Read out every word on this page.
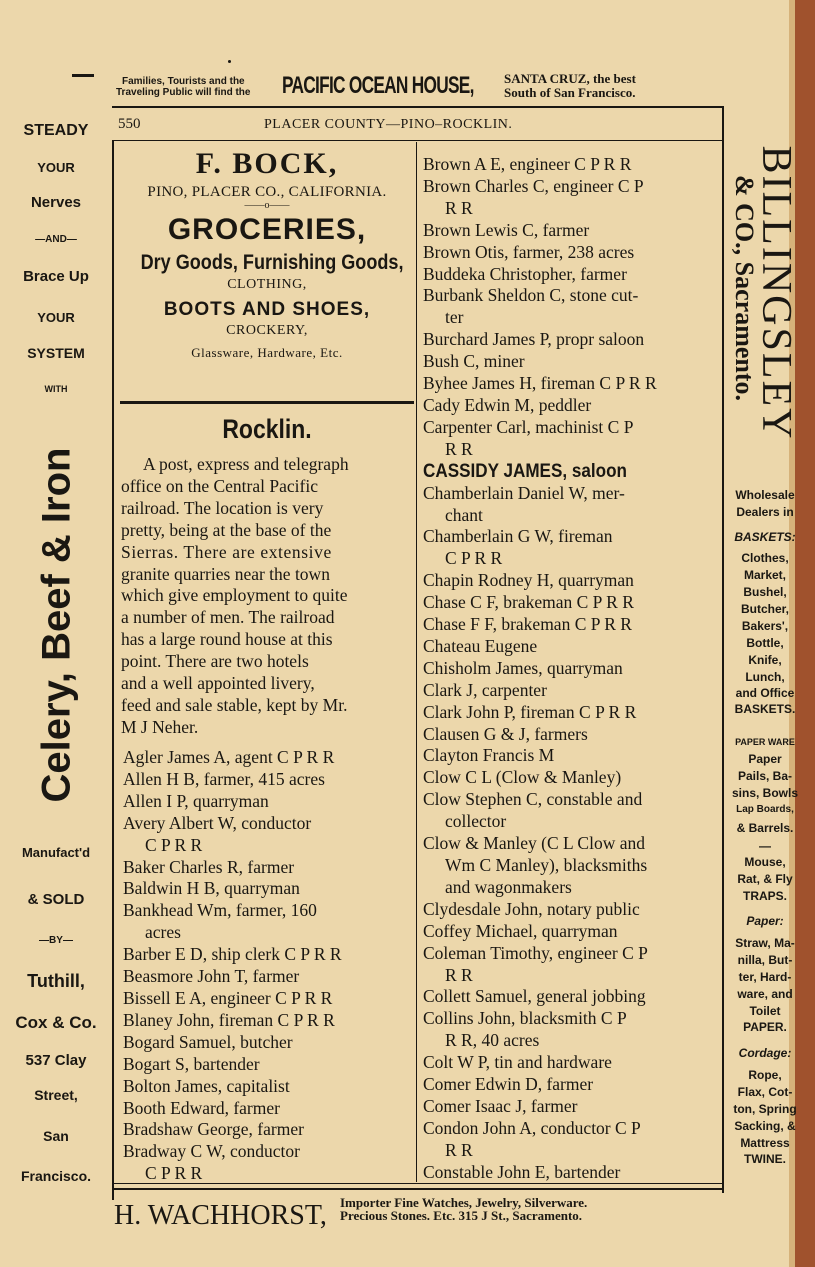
Families, Tourists and the
Traveling Public will find the PACIFIC OCEAN HOUSE, SANTA CRUZ, the best
South of San Francisco.
550	PLACER COUNTY—PINO–ROCKLIN.
STEADY
YOUR
Nerves
—AND—
Brace Up
YOUR
SYSTEM
WITH
Manufact'd
& SOLD
—BY—
Tuthill,
Cox & Co.
537 Clay
Street,
San
Francisco.
Celery, Beef & Iron
BILLINGSLEY
& CO., Sacramento.
Wholesale
Dealers in
BASKETS:
Clothes,
Market,
Bushel,
Butcher,
Bakers',
Bottle,
Knife,
Lunch,
and Office
BASKETS.
PAPER WARE
Paper
Pails, Ba-
sins, Bowls
Lap Boards,
& Barrels.
—
Mouse,
Rat, & Fly
TRAPS.
Paper:
Straw, Ma-
nilla, But-
ter, Hard-
ware, and
Toilet
PAPER.
Cordage:
Rope,
Flax, Cot-
ton, Spring
Sacking, &
Mattress
TWINE.
F. BOCK,
PINO, PLACER CO., CALIFORNIA.
——o——
GROCERIES,
Dry Goods, Furnishing Goods,
CLOTHING,
BOOTS AND SHOES,
CROCKERY,
Glassware, Hardware, Etc.
Rocklin.
A post, express and telegraph
office on the Central Pacific
railroad. The location is very
pretty, being at the base of the
Sierras. There are extensive
granite quarries near the town
which give employment to quite
a number of men. The railroad
has a large round house at this
point. There are two hotels
and a well appointed livery,
feed and sale stable, kept by Mr.
M J Neher.
Agler James A, agent C P R R
Allen H B, farmer, 415 acres
Allen I P, quarryman
Avery Albert W, conductor
C P R R
Baker Charles R, farmer
Baldwin H B, quarryman
Bankhead Wm, farmer, 160
acres
Barber E D, ship clerk C P R R
Beasmore John T, farmer
Bissell E A, engineer C P R R
Blaney John, fireman C P R R
Bogard Samuel, butcher
Bogart S, bartender
Bolton James, capitalist
Booth Edward, farmer
Bradshaw George, farmer
Bradway C W, conductor
C P R R
Brown A E, engineer C P R R
Brown Charles C, engineer C P
R R
Brown Lewis C, farmer
Brown Otis, farmer, 238 acres
Buddeka Christopher, farmer
Burbank Sheldon C, stone cut-
ter
Burchard James P, propr saloon
Bush C, miner
Byhee James H, fireman C P R R
Cady Edwin M, peddler
Carpenter Carl, machinist C P
R R
CASSIDY JAMES, saloon
Chamberlain Daniel W, mer-
chant
Chamberlain G W, fireman
C P R R
Chapin Rodney H, quarryman
Chase C F, brakeman C P R R
Chase F F, brakeman C P R R
Chateau Eugene
Chisholm James, quarryman
Clark J, carpenter
Clark John P, fireman C P R R
Clausen G & J, farmers
Clayton Francis M
Clow C L (Clow & Manley)
Clow Stephen C, constable and
collector
Clow & Manley (C L Clow and
Wm C Manley), blacksmiths
and wagonmakers
Clydesdale John, notary public
Coffey Michael, quarryman
Coleman Timothy, engineer C P
R R
Collett Samuel, general jobbing
Collins John, blacksmith C P
R R, 40 acres
Colt W P, tin and hardware
Comer Edwin D, farmer
Comer Isaac J, farmer
Condon John A, conductor C P
R R
Constable John E, bartender
H. WACHHORST, Importer Fine Watches, Jewelry, Silverware.
Precious Stones. Etc. 315 J St., Sacramento.
